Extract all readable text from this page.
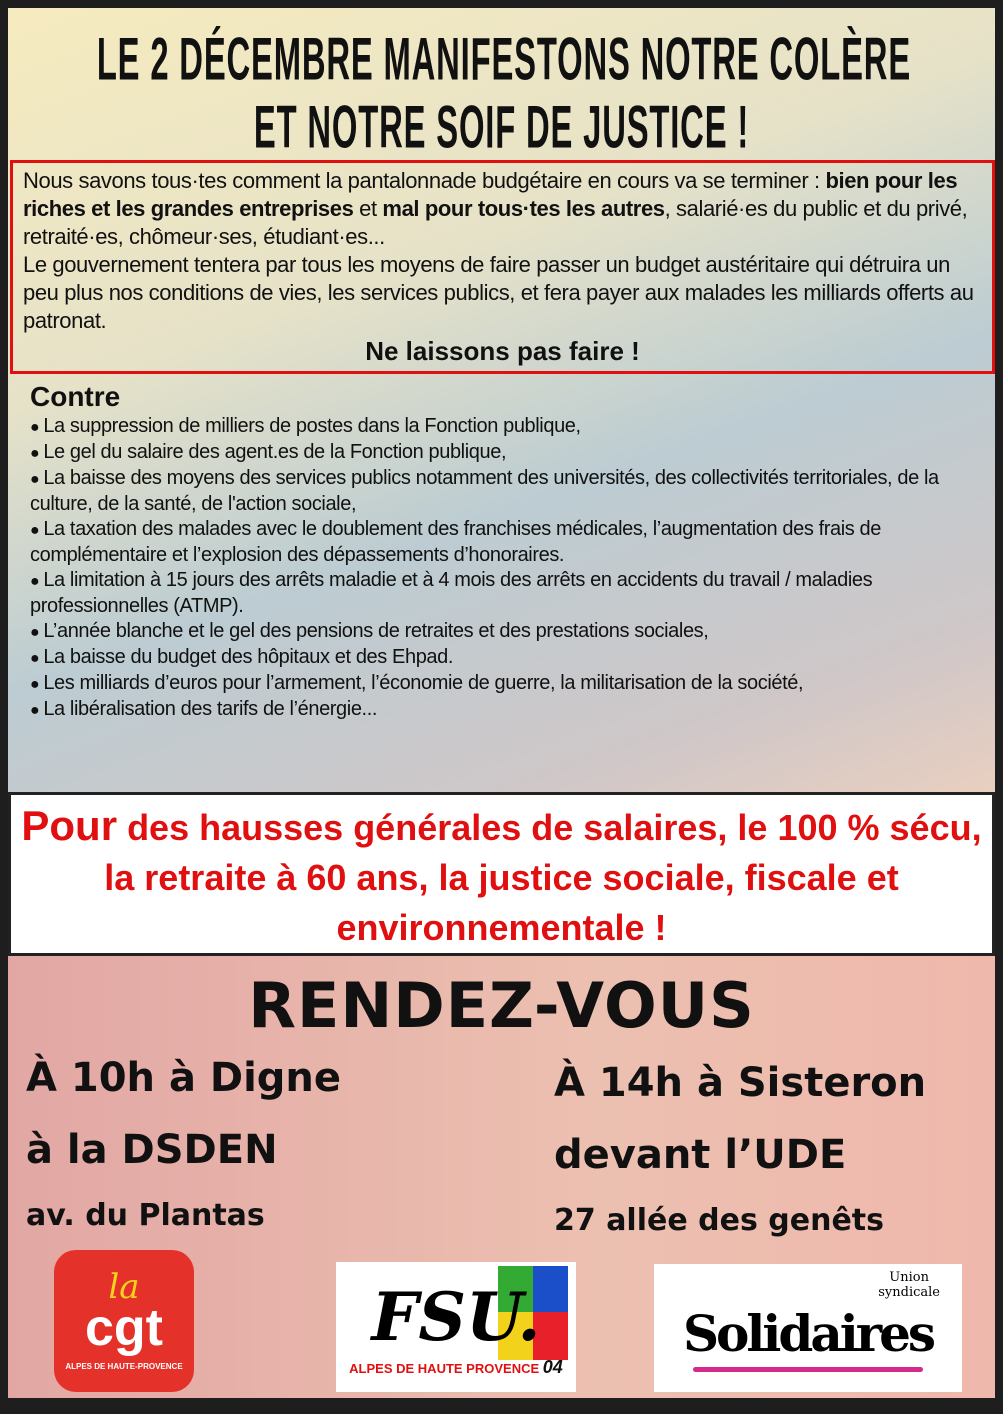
LE 2 DÉCEMBRE MANIFESTONS NOTRE COLÈRE
ET NOTRE SOIF DE JUSTICE !

Nous savons tous·tes comment la pantalonnade budgétaire en cours va se terminer : bien pour les riches et les grandes entreprises et mal pour tous·tes les autres, salarié·es du public et du privé, retraité·es, chômeur·ses, étudiant·es...

Le gouvernement tentera par tous les moyens de faire passer un budget austéritaire qui détruira un peu plus nos conditions de vies, les services publics, et fera payer aux malades les milliards offerts au patronat.

Ne laissons pas faire !

Contre
● La suppression de milliers de postes dans la Fonction publique,
● Le gel du salaire des agent.es de la Fonction publique,
● La baisse des moyens des services publics notamment des universités, des collectivités territoriales, de la culture, de la santé, de l'action sociale,
● La taxation des malades avec le doublement des franchises médicales, l’augmentation des frais de complémentaire et l’explosion des dépassements d’honoraires.
● La limitation à 15 jours des arrêts maladie et à 4 mois des arrêts en accidents du travail / maladies professionnelles (ATMP).
● L’année blanche et le gel des pensions de retraites et des prestations sociales,
● La baisse du budget des hôpitaux et des Ehpad.
● Les milliards d’euros pour l’armement, l’économie de guerre, la militarisation de la société,
● La libéralisation des tarifs de l’énergie...
Pour des hausses générales de salaires, le 100 % sécu, la retraite à 60 ans, la justice sociale, fiscale et environnementale !
RENDEZ-VOUS
À 10h à Digne
à la DSDEN
av. du Plantas
À 14h à Sisteron
devant l’UDE
27 allée des genêts
la
cgt
ALPES DE HAUTE-PROVENCE
FSU.
ALPES DE HAUTE PROVENCE 04
Union
syndicale
Solidaires
